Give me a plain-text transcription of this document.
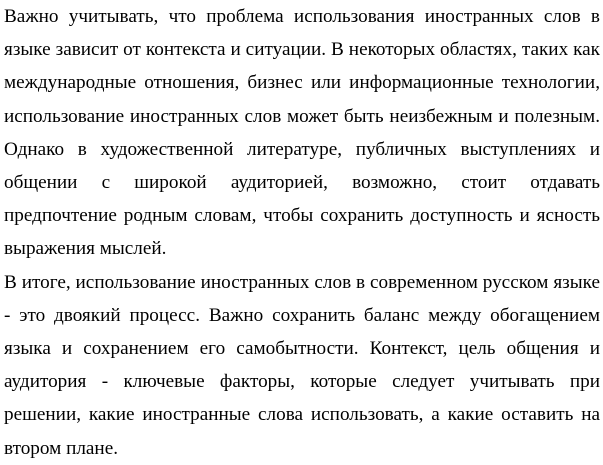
Важно учитывать, что проблема использования иностранных слов в языке зависит от контекста и ситуации. В некоторых областях, таких как международные отношения, бизнес или информационные технологии, использование иностранных слов может быть неизбежным и полезным. Однако в художественной литературе, публичных выступлениях и общении с широкой аудиторией, возможно, стоит отдавать предпочтение родным словам, чтобы сохранить доступность и ясность выражения мыслей.

В итоге, использование иностранных слов в современном русском языке - это двоякий процесс. Важно сохранить баланс между обогащением языка и сохранением его самобытности. Контекст, цель общения и аудитория - ключевые факторы, которые следует учитывать при решении, какие иностранные слова использовать, а какие оставить на втором плане.
